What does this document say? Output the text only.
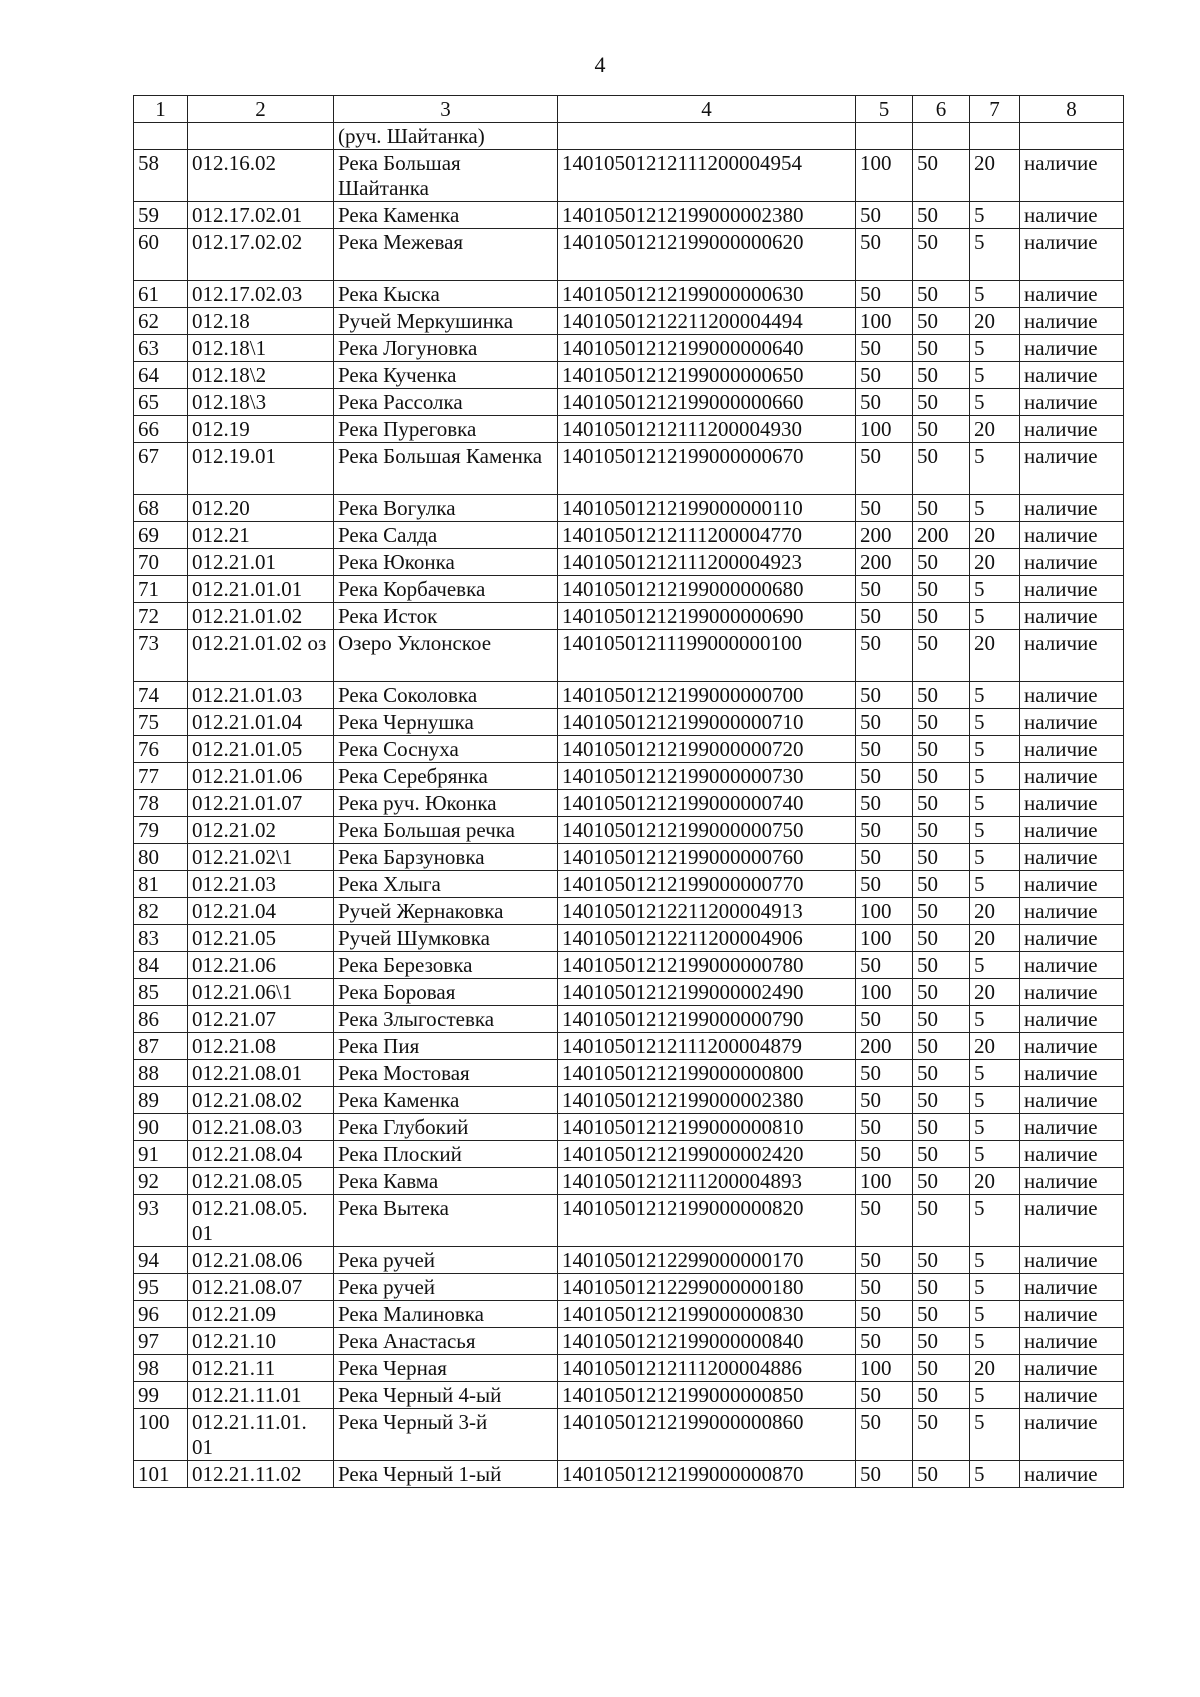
4
1	2	3	4	5	6	7	8
		(руч. Шайтанка)					
58	012.16.02	Река Большая Шайтанка	14010501212111200004954	100	50	20	наличие
59	012.17.02.01	Река Каменка	14010501212199000002380	50	50	5	наличие
60	012.17.02.02	Река Межевая	14010501212199000000620	50	50	5	наличие
61	012.17.02.03	Река Кыска	14010501212199000000630	50	50	5	наличие
62	012.18	Ручей Меркушинка	14010501212211200004494	100	50	20	наличие
63	012.18\1	Река Логуновка	14010501212199000000640	50	50	5	наличие
64	012.18\2	Река Кученка	14010501212199000000650	50	50	5	наличие
65	012.18\3	Река Рассолка	14010501212199000000660	50	50	5	наличие
66	012.19	Река Пуреговка	14010501212111200004930	100	50	20	наличие
67	012.19.01	Река Большая Каменка	14010501212199000000670	50	50	5	наличие
68	012.20	Река Вогулка	14010501212199000000110	50	50	5	наличие
69	012.21	Река Салда	14010501212111200004770	200	200	20	наличие
70	012.21.01	Река Юконка	14010501212111200004923	200	50	20	наличие
71	012.21.01.01	Река Корбачевка	14010501212199000000680	50	50	5	наличие
72	012.21.01.02	Река Исток	14010501212199000000690	50	50	5	наличие
73	012.21.01.02 оз	Озеро Уклонское	14010501211199000000100	50	50	20	наличие
74	012.21.01.03	Река Соколовка	14010501212199000000700	50	50	5	наличие
75	012.21.01.04	Река Чернушка	14010501212199000000710	50	50	5	наличие
76	012.21.01.05	Река Соснуха	14010501212199000000720	50	50	5	наличие
77	012.21.01.06	Река Серебрянка	14010501212199000000730	50	50	5	наличие
78	012.21.01.07	Река руч. Юконка	14010501212199000000740	50	50	5	наличие
79	012.21.02	Река Большая речка	14010501212199000000750	50	50	5	наличие
80	012.21.02\1	Река Барзуновка	14010501212199000000760	50	50	5	наличие
81	012.21.03	Река Хлыга	14010501212199000000770	50	50	5	наличие
82	012.21.04	Ручей Жернаковка	14010501212211200004913	100	50	20	наличие
83	012.21.05	Ручей Шумковка	14010501212211200004906	100	50	20	наличие
84	012.21.06	Река Березовка	14010501212199000000780	50	50	5	наличие
85	012.21.06\1	Река Боровая	14010501212199000002490	100	50	20	наличие
86	012.21.07	Река Злыгостевка	14010501212199000000790	50	50	5	наличие
87	012.21.08	Река Пия	14010501212111200004879	200	50	20	наличие
88	012.21.08.01	Река Мостовая	14010501212199000000800	50	50	5	наличие
89	012.21.08.02	Река Каменка	14010501212199000002380	50	50	5	наличие
90	012.21.08.03	Река Глубокий	14010501212199000000810	50	50	5	наличие
91	012.21.08.04	Река Плоский	14010501212199000002420	50	50	5	наличие
92	012.21.08.05	Река Кавма	14010501212111200004893	100	50	20	наличие
93	012.21.08.05. 01	Река Вытека	14010501212199000000820	50	50	5	наличие
94	012.21.08.06	Река ручей	14010501212299000000170	50	50	5	наличие
95	012.21.08.07	Река ручей	14010501212299000000180	50	50	5	наличие
96	012.21.09	Река Малиновка	14010501212199000000830	50	50	5	наличие
97	012.21.10	Река Анастасья	14010501212199000000840	50	50	5	наличие
98	012.21.11	Река Черная	14010501212111200004886	100	50	20	наличие
99	012.21.11.01	Река Черный 4-ый	14010501212199000000850	50	50	5	наличие
100	012.21.11.01. 01	Река Черный 3-й	14010501212199000000860	50	50	5	наличие
101	012.21.11.02	Река Черный 1-ый	14010501212199000000870	50	50	5	наличие
